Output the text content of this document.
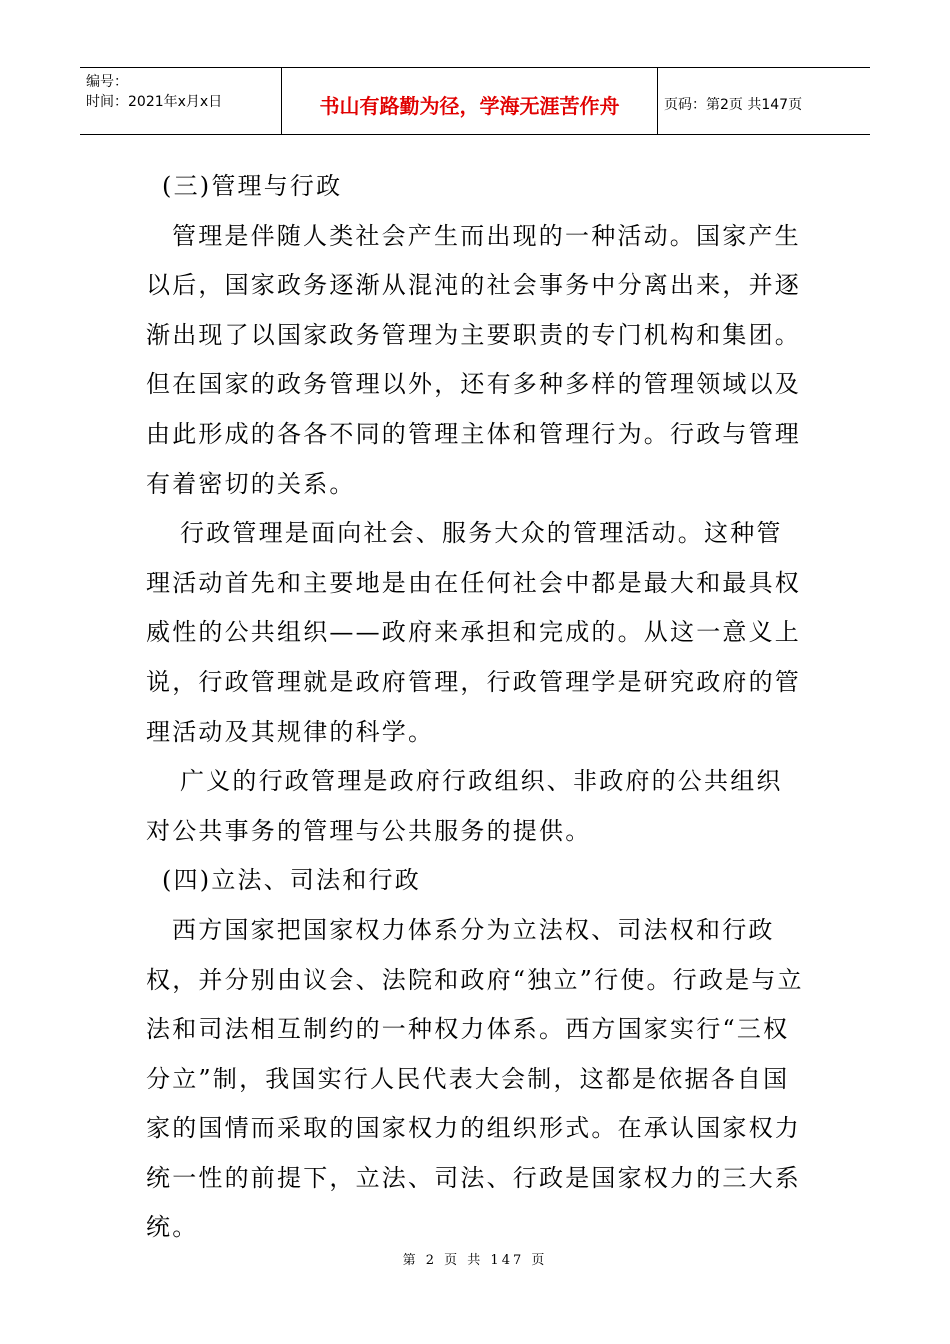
编号：
时间：2021年x月x日	书山有路勤为径，学海无涯苦作舟	页码：第2页 共147页

(三)管理与行政

管理是伴随人类社会产生而出现的一种活动。国家产生以后，国家政务逐渐从混沌的社会事务中分离出来，并逐渐出现了以国家政务管理为主要职责的专门机构和集团。但在国家的政务管理以外，还有多种多样的管理领域以及由此形成的各各不同的管理主体和管理行为。行政与管理有着密切的关系。

行政管理是面向社会、服务大众的管理活动。这种管理活动首先和主要地是由在任何社会中都是最大和最具权威性的公共组织——政府来承担和完成的。从这一意义上说，行政管理就是政府管理，行政管理学是研究政府的管理活动及其规律的科学。

广义的行政管理是政府行政组织、非政府的公共组织对公共事务的管理与公共服务的提供。

(四)立法、司法和行政

西方国家把国家权力体系分为立法权、司法权和行政权，并分别由议会、法院和政府“独立”行使。行政是与立法和司法相互制约的一种权力体系。西方国家实行“三权分立”制，我国实行人民代表大会制，这都是依据各自国家的国情而采取的国家权力的组织形式。在承认国家权力统一性的前提下，立法、司法、行政是国家权力的三大系统。

第 2 页 共 147 页
